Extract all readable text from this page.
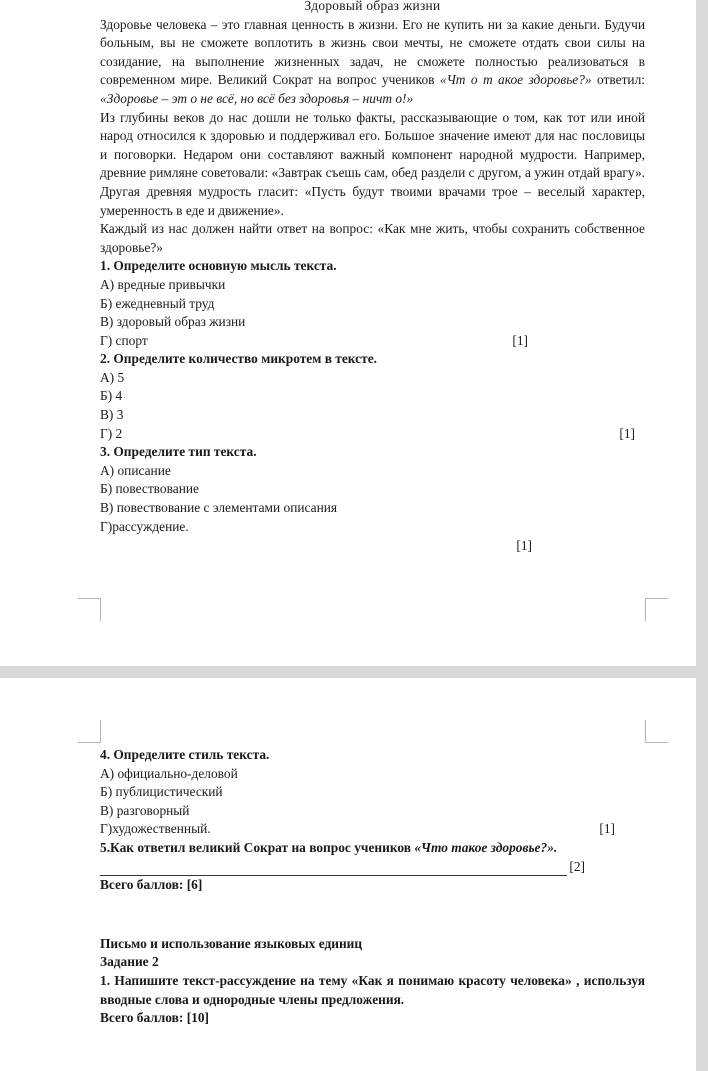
Здоровый образ жизни
Здоровье человека – это главная ценность в жизни. Его не купить ни за какие деньги. Будучи больным, вы не сможете воплотить в жизнь свои мечты, не сможете отдать свои силы на созидание, на выполнение жизненных задач, не сможете полностью реализоваться в современном мире. Великий Сократ на вопрос учеников «Чт о т акое здоровье?» ответил: «Здоровье – эт о не всё, но всё без здоровья – ничт о!»
Из глубины веков до нас дошли не только факты, рассказывающие о том, как тот или иной народ относился к здоровью и поддерживал его. Большое значение имеют для нас пословицы и поговорки. Недаром они составляют важный компонент народной мудрости. Например, древние римляне советовали: «Завтрак съешь сам, обед раздели с другом, а ужин отдай врагу». Другая древняя мудрость гласит: «Пусть будут твоими врачами трое – веселый характер, умеренность в еде и движение».
Каждый из нас должен найти ответ на вопрос: «Как мне жить, чтобы сохранить собственное здоровье?»
1. Определите основную мысль текста.
А) вредные привычки
Б) ежедневный труд
В) здоровый образ жизни
Г) спорт	[1]
2. Определите количество микротем в тексте.
А) 5
Б) 4
В) 3
Г) 2	[1]
3. Определите тип текста.
А) описание
Б) повествование
В) повествование с элементами описания
Г)рассуждение.
[1]
4. Определите стиль текста.
А) официально-деловой
Б) публицистический
В) разговорный
Г)художественный.	[1]
5.Как ответил великий Сократ на вопрос учеников «Что такое здоровье?».
[2]
Всего баллов: [6]
Письмо и использование языковых единиц
Задание 2
1. Напишите текст-рассуждение на тему «Как я понимаю красоту человека» , используя вводные слова и однородные члены предложения.
Всего баллов: [10]
